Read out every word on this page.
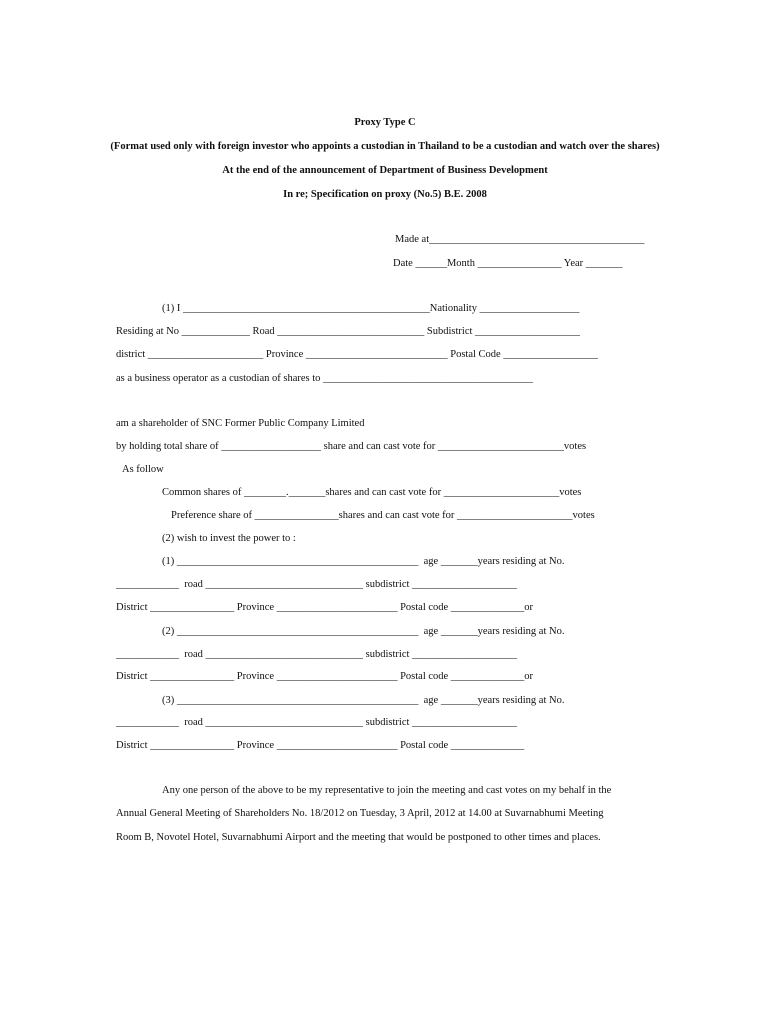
Proxy Type C
(Format used only with foreign investor who appoints a custodian in Thailand to be a custodian and watch over the shares)
At the end of the announcement of Department of Business Development
In re; Specification on proxy (No.5) B.E. 2008
Made at_________________________________________
Date ______Month ________________ Year _______
(1) I _______________________________________________Nationality ___________________
Residing at No _____________ Road ____________________________ Subdistrict ____________________
district ______________________ Province ___________________________ Postal Code __________________
as a business operator as a custodian of shares to ________________________________________
am a shareholder of SNC Former Public Company Limited
by holding total share of ___________________ share and can cast vote for ________________________votes
As follow
Common shares of ________._______shares and can cast vote for ______________________votes
Preference share of ________________shares and can cast vote for ______________________votes
(2) wish to invest the power to :
(1) ______________________________________________  age _______years residing at No.
____________  road ______________________________ subdistrict ____________________
District ________________ Province _______________________ Postal code ______________or
(2) ______________________________________________  age _______years residing at No.
____________  road ______________________________ subdistrict ____________________
District ________________ Province _______________________ Postal code ______________or
(3) ______________________________________________  age _______years residing at No.
____________  road ______________________________ subdistrict ____________________
District ________________ Province _______________________ Postal code ______________
Any one person of the above to be my representative to join the meeting and cast votes on my behalf in the
Annual General Meeting of Shareholders No. 18/2012 on Tuesday, 3 April, 2012 at 14.00 at Suvarnabhumi Meeting
Room B, Novotel Hotel, Suvarnabhumi Airport and the meeting that would be postponed to other times and places.
